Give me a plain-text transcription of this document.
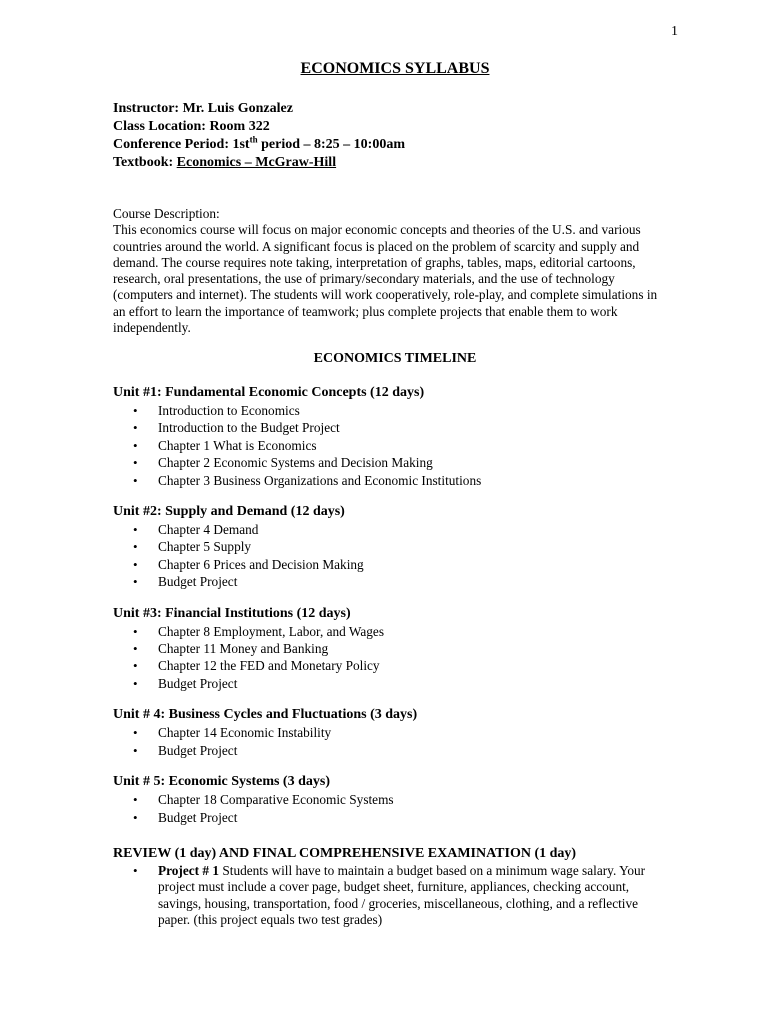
1
ECONOMICS SYLLABUS
Instructor: Mr. Luis Gonzalez
Class Location: Room 322
Conference Period: $1st^{th}$ period – 8:25 – 10:00am
Textbook: Economics – McGraw-Hill
Course Description:
This economics course will focus on major economic concepts and theories of the U.S. and various countries around the world. A significant focus is placed on the problem of scarcity and supply and demand. The course requires note taking, interpretation of graphs, tables, maps, editorial cartoons, research, oral presentations, the use of primary/secondary materials, and the use of technology (computers and internet). The students will work cooperatively, role-play, and complete simulations in an effort to learn the importance of teamwork; plus complete projects that enable them to work independently.
ECONOMICS TIMELINE
Unit #1: Fundamental Economic Concepts (12 days)
• Introduction to Economics
• Introduction to the Budget Project
• Chapter 1 What is Economics
• Chapter 2 Economic Systems and Decision Making
• Chapter 3 Business Organizations and Economic Institutions
Unit #2: Supply and Demand (12 days)
• Chapter 4 Demand
• Chapter 5 Supply
• Chapter 6 Prices and Decision Making
• Budget Project
Unit #3: Financial Institutions (12 days)
• Chapter 8 Employment, Labor, and Wages
• Chapter 11 Money and Banking
• Chapter 12 the FED and Monetary Policy
• Budget Project
Unit # 4: Business Cycles and Fluctuations (3 days)
• Chapter 14 Economic Instability
• Budget Project
Unit # 5: Economic Systems (3 days)
• Chapter 18 Comparative Economic Systems
• Budget Project
REVIEW (1 day) AND FINAL COMPREHENSIVE EXAMINATION (1 day)
• Project # 1 Students will have to maintain a budget based on a minimum wage salary. Your project must include a cover page, budget sheet, furniture, appliances, checking account, savings, housing, transportation, food / groceries, miscellaneous, clothing, and a reflective paper. (this project equals two test grades)
